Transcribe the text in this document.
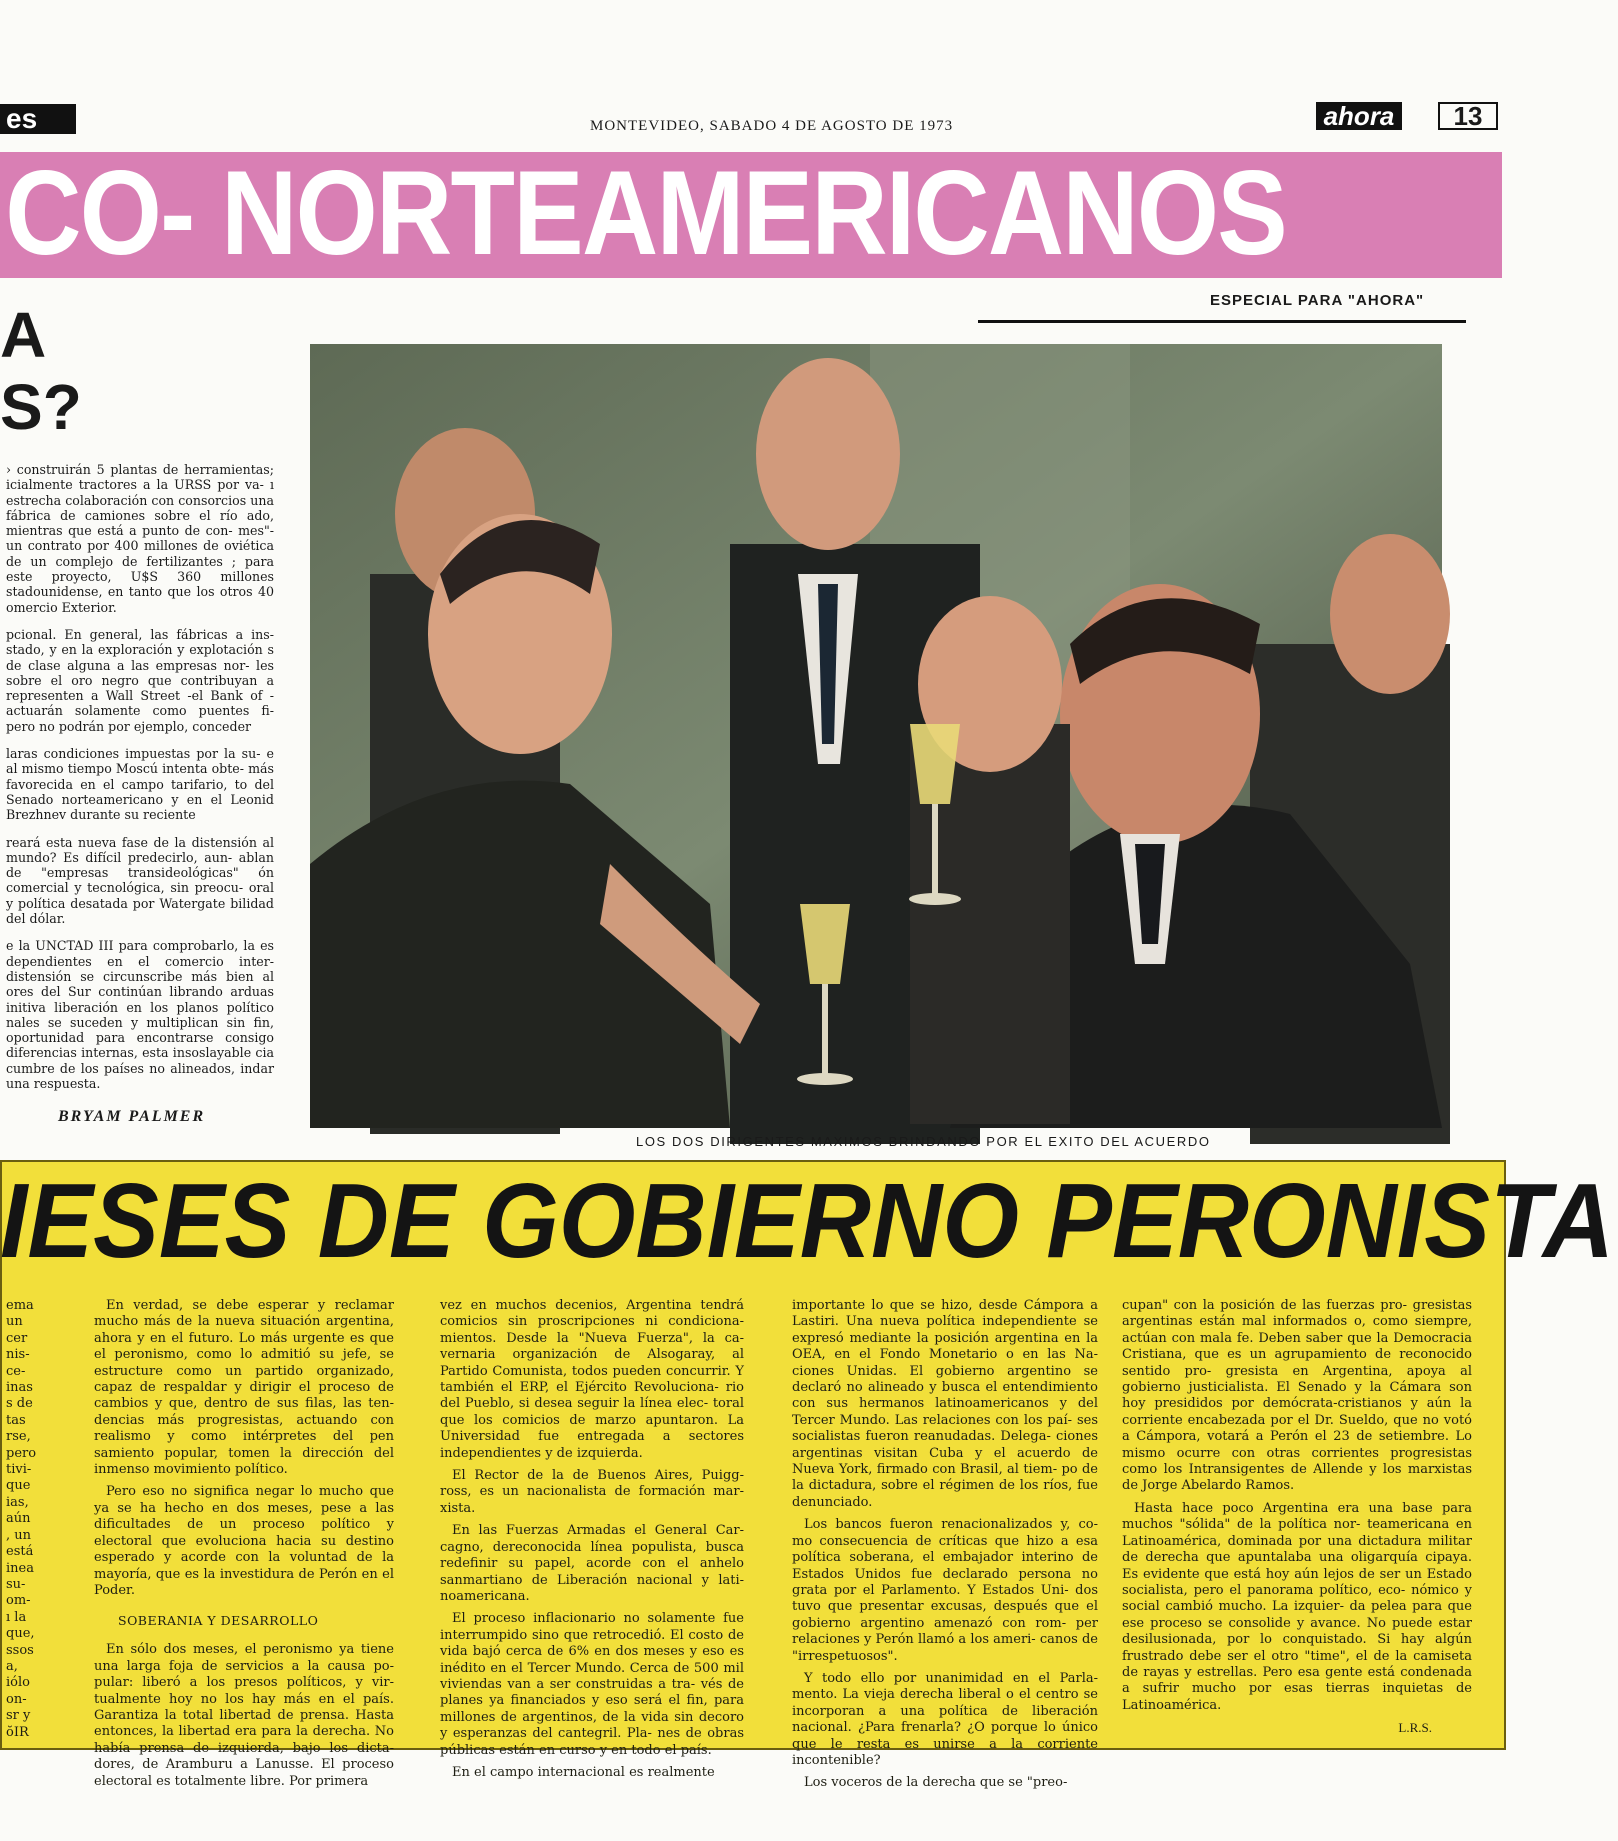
es	MONTEVIDEO, SABADO 4 DE AGOSTO DE 1973	ahora	13
CO- NORTEAMERICANOS
ESPECIAL PARA "AHORA"
A
S?

› construirán 5 plantas de herramientas; icialmente tractores a la URSS por va- ı estrecha colaboración con consorcios una fábrica de camiones sobre el río ado, mientras que está a punto de con- mes"- un contrato por 400 millones de oviética de un complejo de fertilizantes ; para este proyecto, U$S 360 millones stadounidense, en tanto que los otros 40 omercio Exterior.

pcional. En general, las fábricas a ins- stado, y en la exploración y explotación s de clase alguna a las empresas nor- les sobre el oro negro que contribuyan a representen a Wall Street -el Bank of - actuarán solamente como puentes fi- pero no podrán por ejemplo, conceder

laras condiciones impuestas por la su- e al mismo tiempo Moscú intenta obte- más favorecida en el campo tarifario, to del Senado norteamericano y en el Leonid Brezhnev durante su reciente

reará esta nueva fase de la distensión al mundo? Es difícil predecirlo, aun- ablan de "empresas transideológicas" ón comercial y tecnológica, sin preocu- oral y política desatada por Watergate bilidad del dólar.

e la UNCTAD III para comprobarlo, la es dependientes en el comercio inter- distensión se circunscribe más bien al ores del Sur continúan librando arduas initiva liberación en los planos político nales se suceden y multiplican sin fin, oportunidad para encontrarse consigo diferencias internas, esta insoslayable cia cumbre de los países no alineados, indar una respuesta.

BRYAM PALMER
LOS DOS DIRIGENTES MAXIMOS BRINDANDO POR EL EXITO DEL ACUERDO
IESES DE GOBIERNO PERONISTA
ema
un
cer
nis-
ce-
inas
s de
tas
rse,
pero
tivi-
que
ias,
aún
, un
está
inea
su-
om-
ı la
que,
ssos
a,
iólo
on-
sr y
ŏIR

En verdad, se debe esperar y reclamar mucho más de la nueva situación argentina, ahora y en el futuro. Lo más urgente es que el peronismo, como lo admitió su jefe, se estructure como un partido organizado, capaz de respaldar y dirigir el proceso de cambios y que, dentro de sus filas, las ten- dencias más progresistas, actuando con realismo y como intérpretes del pen samiento popular, tomen la dirección del inmenso movimiento político.

Pero eso no significa negar lo mucho que ya se ha hecho en dos meses, pese a las dificultades de un proceso político y electoral que evoluciona hacia su destino esperado y acorde con la voluntad de la mayoría, que es la investidura de Perón en el Poder.

SOBERANIA Y DESARROLLO

En sólo dos meses, el peronismo ya tiene una larga foja de servicios a la causa po- pular: liberó a los presos políticos, y vir- tualmente hoy no los hay más en el país. Garantiza la total libertad de prensa. Hasta entonces, la libertad era para la derecha. No había prensa de izquierda, bajo los dicta- dores, de Aramburu a Lanusse. El proceso electoral es totalmente libre. Por primera

vez en muchos decenios, Argentina tendrá comicios sin proscripciones ni condiciona- mientos. Desde la "Nueva Fuerza", la ca- vernaria organización de Alsogaray, al Partido Comunista, todos pueden concurrir. Y también el ERP, el Ejército Revoluciona- rio del Pueblo, si desea seguir la línea elec- toral que los comicios de marzo apuntaron. La Universidad fue entregada a sectores independientes y de izquierda.

El Rector de la de Buenos Aires, Puigg- ross, es un nacionalista de formación mar- xista.

En las Fuerzas Armadas el General Car- cagno, dereconocida línea populista, busca redefinir su papel, acorde con el anhelo sanmartiano de Liberación nacional y lati- noamericana.

El proceso inflacionario no solamente fue interrumpido sino que retrocedió. El costo de vida bajó cerca de 6% en dos meses y eso es inédito en el Tercer Mundo. Cerca de 500 mil viviendas van a ser construidas a tra- vés de planes ya financiados y eso será el fin, para millones de argentinos, de la vida sin decoro y esperanzas del cantegril. Pla- nes de obras públicas están en curso y en todo el país.

En el campo internacional es realmente

importante lo que se hizo, desde Cámpora a Lastiri. Una nueva política independiente se expresó mediante la posición argentina en la OEA, en el Fondo Monetario o en las Na- ciones Unidas. El gobierno argentino se declaró no alineado y busca el entendimiento con sus hermanos latinoamericanos y del Tercer Mundo. Las relaciones con los paí- ses socialistas fueron reanudadas. Delega- ciones argentinas visitan Cuba y el acuerdo de Nueva York, firmado con Brasil, al tiem- po de la dictadura, sobre el régimen de los ríos, fue denunciado.

Los bancos fueron renacionalizados y, co- mo consecuencia de críticas que hizo a esa política soberana, el embajador interino de Estados Unidos fue declarado persona no grata por el Parlamento. Y Estados Uni- dos tuvo que presentar excusas, después que el gobierno argentino amenazó con rom- per relaciones y Perón llamó a los ameri- canos de "irrespetuosos".

Y todo ello por unanimidad en el Parla- mento. La vieja derecha liberal o el centro se incorporan a una política de liberación nacional. ¿Para frenarla? ¿O porque lo único que le resta es unirse a la corriente incontenible?

Los voceros de la derecha que se "preo-

cupan" con la posición de las fuerzas pro- gresistas argentinas están mal informados o, como siempre, actúan con mala fe. Deben saber que la Democracia Cristiana, que es un agrupamiento de reconocido sentido pro- gresista en Argentina, apoya al gobierno justicialista. El Senado y la Cámara son hoy presididos por demócrata-cristianos y aún la corriente encabezada por el Dr. Sueldo, que no votó a Cámpora, votará a Perón el 23 de setiembre. Lo mismo ocurre con otras corrientes progresistas como los Intransigentes de Allende y los marxistas de Jorge Abelardo Ramos.

Hasta hace poco Argentina era una base para muchos "sólida" de la política nor- teamericana en Latinoamérica, dominada por una dictadura militar de derecha que apuntalaba una oligarquía cipaya. Es evidente que está hoy aún lejos de ser un Estado socialista, pero el panorama político, eco- nómico y social cambió mucho. La izquier- da pelea para que ese proceso se consolide y avance. No puede estar desilusionada, por lo conquistado. Si hay algún frustrado debe ser el otro "time", el de la camiseta de rayas y estrellas. Pero esa gente está condenada a sufrir mucho por esas tierras inquietas de Latinoamérica.

L.R.S.
